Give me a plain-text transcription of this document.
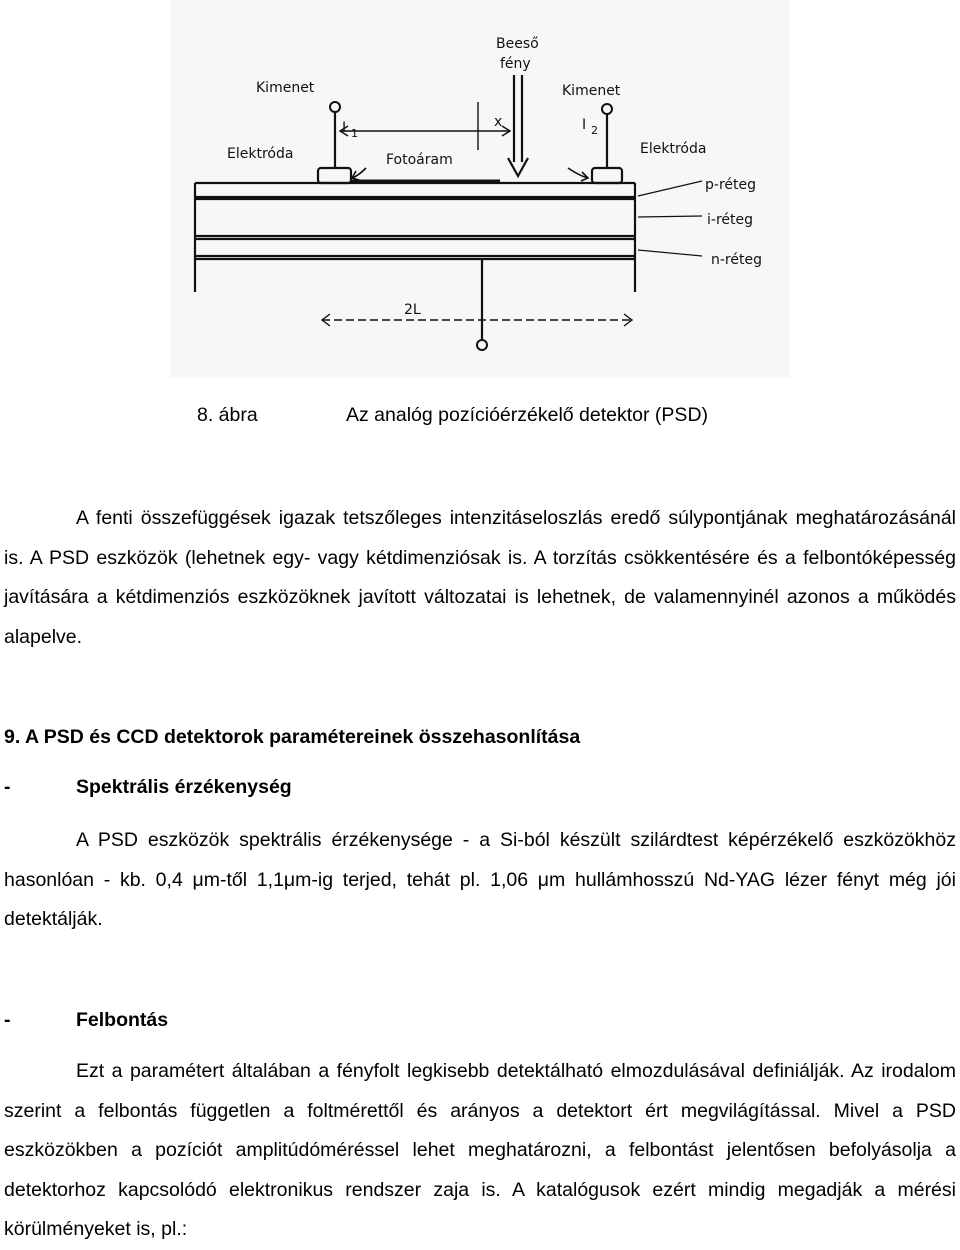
Beeső
fény
Kimenet	Kimenet
I 1
I 2
x
Elektróda	Elektróda
Fotoáram
p-réteg
i-réteg
n-réteg
2L
8. ábra	Az analóg pozícióérzékelő detektor (PSD)

A fenti összefüggések igazak tetszőleges intenzitáseloszlás eredő súlypontjának meghatározásánál is. A PSD eszközök (lehetnek egy- vagy kétdimenziósak is. A torzítás csökkentésére és a felbontóképesség javítására a kétdimenziós eszközöknek javított változatai is lehetnek, de valamennyinél azonos a működés alapelve.

9. A PSD és CCD detektorok paramétereinek összehasonlítása

-	Spektrális érzékenység

A PSD eszközök spektrális érzékenysége - a Si-ból készült szilárdtest képérzékelő eszközökhöz hasonlóan - kb. 0,4 μm-től 1,1μm-ig terjed, tehát pl. 1,06 μm hullámhosszú Nd-YAG lézer fényt még jói detektálják.

-	Felbontás

Ezt a paramétert általában a fényfolt legkisebb detektálható elmozdulásával definiálják. Az irodalom szerint a felbontás független a foltmérettől és arányos a detektort ért megvilágítással. Mivel a PSD eszközökben a pozíciót amplitúdóméréssel lehet meghatározni, a felbontást jelentősen befolyásolja a detektorhoz kapcsolódó elektronikus rendszer zaja is. A katalógusok ezért mindig megadják a mérési körülményeket is, pl.:
